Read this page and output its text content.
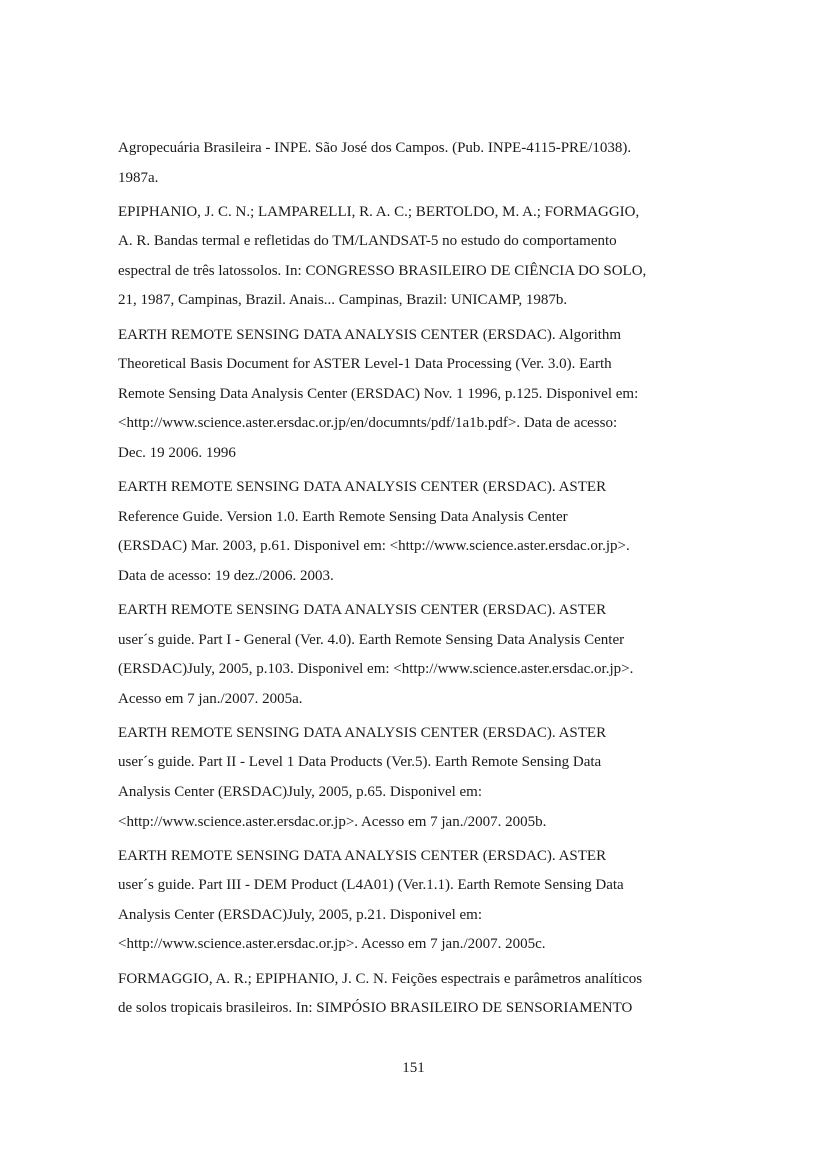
Agropecuária Brasileira - INPE. São José dos Campos. (Pub. INPE-4115-PRE/1038).
1987a.
EPIPHANIO, J. C. N.; LAMPARELLI, R. A. C.; BERTOLDO, M. A.; FORMAGGIO,
A. R. Bandas termal e refletidas do TM/LANDSAT-5 no estudo do comportamento
espectral de três latossolos. In: CONGRESSO BRASILEIRO DE CIÊNCIA DO SOLO,
21, 1987, Campinas, Brazil. Anais... Campinas, Brazil: UNICAMP, 1987b.
EARTH REMOTE SENSING DATA ANALYSIS CENTER (ERSDAC). Algorithm
Theoretical Basis Document for ASTER Level-1 Data Processing (Ver. 3.0). Earth
Remote Sensing Data Analysis Center (ERSDAC) Nov. 1 1996, p.125. Disponivel em:
<http://www.science.aster.ersdac.or.jp/en/documnts/pdf/1a1b.pdf>. Data de acesso:
Dec. 19 2006. 1996
EARTH REMOTE SENSING DATA ANALYSIS CENTER (ERSDAC). ASTER
Reference Guide. Version 1.0. Earth Remote Sensing Data Analysis Center
(ERSDAC) Mar. 2003, p.61. Disponivel em: <http://www.science.aster.ersdac.or.jp>.
Data de acesso: 19 dez./2006. 2003.
EARTH REMOTE SENSING DATA ANALYSIS CENTER (ERSDAC). ASTER
user´s guide. Part I - General (Ver. 4.0). Earth Remote Sensing Data Analysis Center
(ERSDAC)July, 2005, p.103. Disponivel em: <http://www.science.aster.ersdac.or.jp>.
Acesso em 7 jan./2007. 2005a.
EARTH REMOTE SENSING DATA ANALYSIS CENTER (ERSDAC). ASTER
user´s guide. Part II - Level 1 Data Products (Ver.5). Earth Remote Sensing Data
Analysis Center (ERSDAC)July, 2005, p.65. Disponivel em:
<http://www.science.aster.ersdac.or.jp>. Acesso em 7 jan./2007. 2005b.
EARTH REMOTE SENSING DATA ANALYSIS CENTER (ERSDAC). ASTER
user´s guide. Part III - DEM Product (L4A01) (Ver.1.1). Earth Remote Sensing Data
Analysis Center (ERSDAC)July, 2005, p.21. Disponivel em:
<http://www.science.aster.ersdac.or.jp>. Acesso em 7 jan./2007. 2005c.
FORMAGGIO, A. R.; EPIPHANIO, J. C. N. Feições espectrais e parâmetros analíticos
de solos tropicais brasileiros. In: SIMPÓSIO BRASILEIRO DE SENSORIAMENTO
151
